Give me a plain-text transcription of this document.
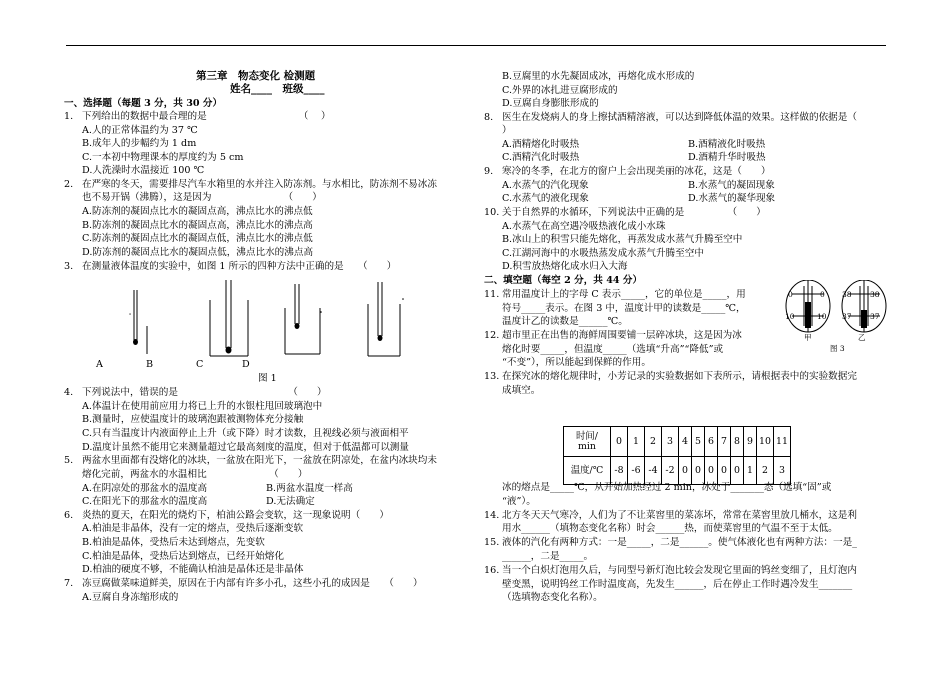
第三章　物态变化 检测题
姓名____　班级____
一、选择题（每题 3 分，共 30 分）
1. 下列给出的数据中最合理的是	（　 ）
A.人的正常体温约为 37 ℃
B.成年人的步幅约为 1 dm
C.一本初中物理课本的厚度约为 5 cm
D.人洗澡时水温接近 100 ℃
2. 在严寒的冬天，需要排尽汽车水箱里的水并注入防冻剂。与水相比，防冻剂不易冰冻
也不易开锅（沸腾），这是因为　　　　　　　　（　　）
A.防冻剂的凝固点比水的凝固点高，沸点比水的沸点低
B.防冻剂的凝固点比水的凝固点高，沸点比水的沸点高
C.防冻剂的凝固点比水的凝固点低，沸点比水的沸点低
D.防冻剂的凝固点比水的凝固点低，沸点比水的沸点高
3. 在测量液体温度的实验中，如图 1 所示的四种方法中正确的是　　（　　）
A	B	C	D
图 1
4. 下列说法中，错误的是　　　　　　　　　　　　（　　）
A.体温计在使用前应用力将已上升的水银柱甩回玻璃泡中
B.测量时，应使温度计的玻璃泡跟被测物体充分接触
C.只有当温度计内液面停止上升（或下降）时才读数，且视线必须与液面相平
D.温度计虽然不能用它来测量超过它最高刻度的温度，但对于低温都可以测量
5. 两盆水里面都有没熔化的冰块，一盆放在阳光下，一盆放在阴凉处，在盆内冰块均未
熔化完前，两盆水的水温相比　　　　　　　（　　）
A.在阴凉处的那盆水的温度高	B.两盆水温度一样高
C.在阳光下的那盆水的温度高	D.无法确定
6. 炎热的夏天，在阳光的烧灼下，柏油公路会变软，这一现象说明（　　）
A.柏油是非晶体，没有一定的熔点，受热后逐渐变软
B.柏油是晶体，受热后未达到熔点，先变软
C.柏油是晶体，受热后达到熔点，已经开始熔化
D.柏油的硬度不够，不能确认柏油是晶体还是非晶体
7. 冻豆腐做菜味道鲜美，原因在于内部有许多小孔，这些小孔的成因是　　（　　）
A.豆腐自身冻缩形成的
B.豆腐里的水先凝固成冰，再熔化成水形成的
C.外界的冰扎进豆腐形成的
D.豆腐自身膨胀形成的
8. 医生在发烧病人的身上擦拭酒精溶液，可以达到降低体温的效果。这样做的依据是（
）
A.酒精熔化时吸热	B.酒精液化时吸热
C.酒精汽化时吸热	D.酒精升华时吸热
9. 寒冷的冬季，在北方的窗户上会出现美丽的冰花，这是（　　）
A.水蒸气的汽化现象	B.水蒸气的凝固现象
C.水蒸气的液化现象	D.水蒸气的凝华现象
10. 关于自然界的水循环，下列说法中正确的是　　　　　（　　）
A.水蒸气在高空遇冷吸热液化成小水珠
B.冰山上的积雪只能先熔化，再蒸发成水蒸气升腾至空中
C.江湖河海中的水吸热蒸发成水蒸气升腾至空中
D.积雪放热熔化成水归入大海
二、填空题（每空 2 分，共 44 分）
11. 常用温度计上的字母 C 表示_____，它的单位是_____，用
符号_____表示。在图 3 中，温度计甲的读数是_____℃，
温度计乙的读数是______℃。
0	0
10	10
38 38
37 37
甲	乙
图 3
12. 超市里正在出售的海鲜周围要铺一层碎冰块，这是因为冰
熔化时要_____，但温度_____（选填“升高”“降低”或
“不变”），所以能起到保鲜的作用。
13. 在探究冰的熔化规律时，小芳记录的实验数据如下表所示，请根据表中的实验数据完
成填空。
时间/
min	0	1	2	3	4	5	6	7	8	9	10	11
温度/℃	-8	-6	-4	-2	0	0	0	0	0	1	2	3
冰的熔点是_____℃，从开始加热经过 2 min，冰处于_______态（选填“固”或
“液”）。
14. 北方冬天天气寒冷，人们为了不让菜窖里的菜冻坏，常常在菜窖里放几桶水，这是利
用水______（填物态变化名称）时会______热，而使菜窖里的气温不至于太低。
15. 液体的汽化有两种方式：一是_____，二是______。使气体液化也有两种方法：一是_
______，二是_____。
16. 当一个白炽灯泡用久后，与同型号新灯泡比较会发现它里面的钨丝变细了，且灯泡内
壁变黑，说明钨丝工作时温度高，先发生______，后在停止工作时遇冷发生_______
（选填物态变化名称）。
